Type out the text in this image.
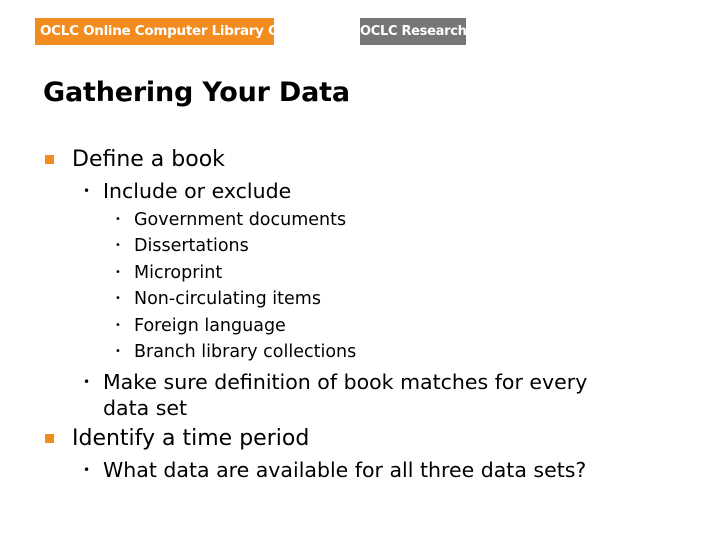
OCLC Online Computer Library Center	OCLC Research
Gathering Your Data
Define a book
• Include or exclude
• Government documents
• Dissertations
• Microprint
• Non-circulating items
• Foreign language
• Branch library collections
• Make sure definition of book matches for every
data set
Identify a time period
• What data are available for all three data sets?
